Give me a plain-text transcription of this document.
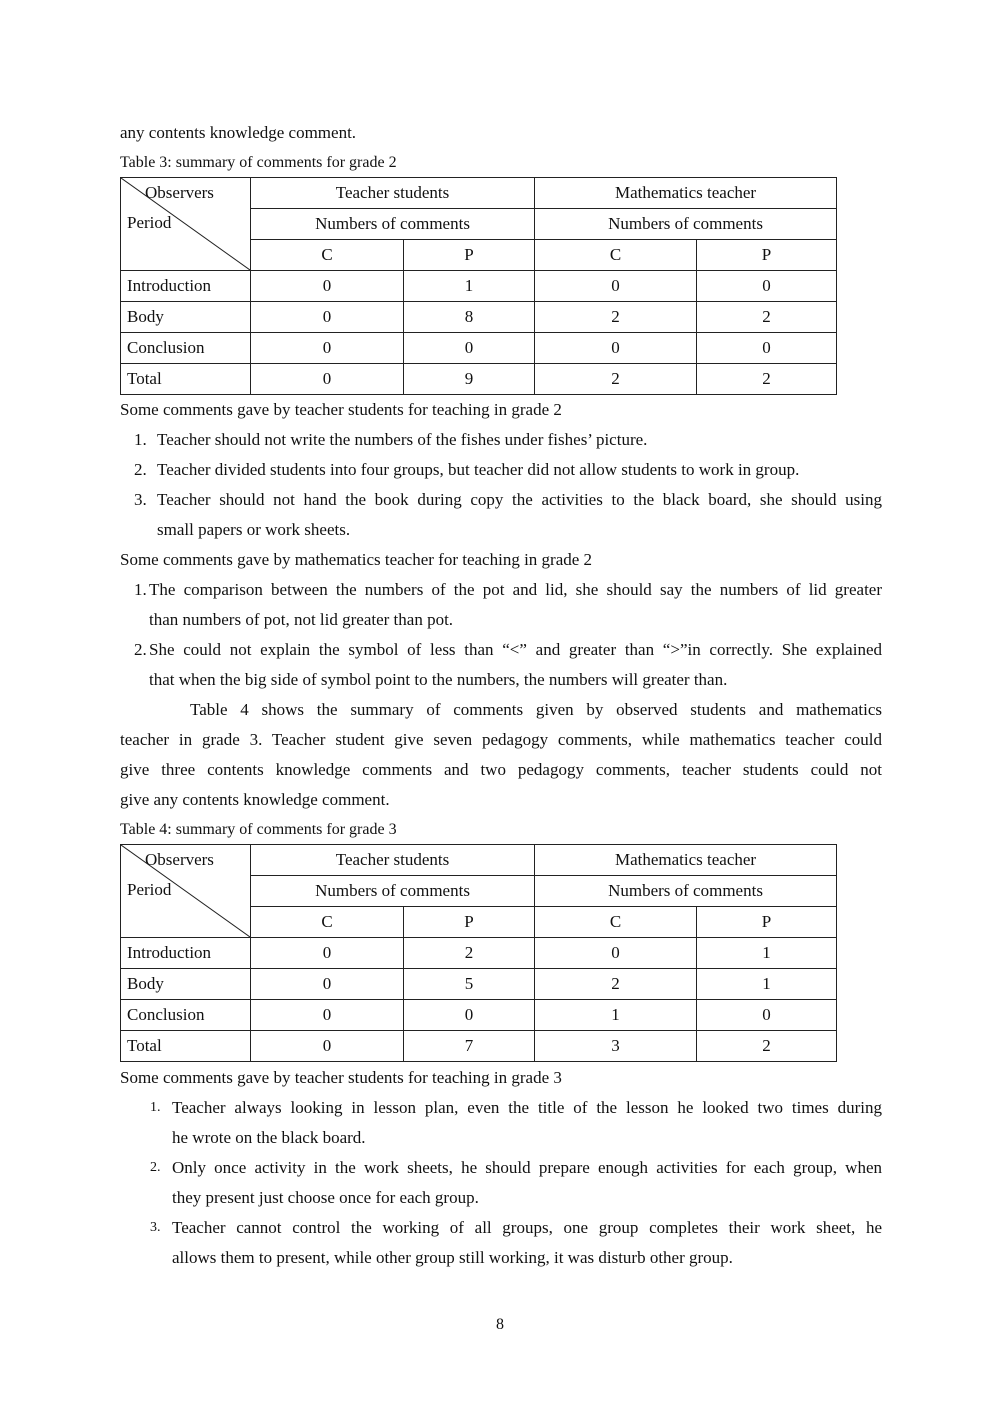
any contents knowledge comment.
Table 3: summary of comments for grade 2
Observers
Period	Teacher students		Mathematics teacher	
	Numbers of comments		Numbers of comments	
	C	P	C	P
Introduction	0	1	0	0
Body	0	8	2	2
Conclusion	0	0	0	0
Total	0	9	2	2
Some comments gave by teacher students for teaching in grade 2
1. Teacher should not write the numbers of the fishes under fishes’ picture.
2. Teacher divided students into four groups, but teacher did not allow students to work in group.
3. Teacher should not hand the book during copy the activities to the black board, she should using
small papers or work sheets.
Some comments gave by mathematics teacher for teaching in grade 2
1. The comparison between the numbers of the pot and lid, she should say the numbers of lid greater
than numbers of pot, not lid greater than pot.
2. She could not explain the symbol of less than “<” and greater than “>”in correctly. She explained
that when the big side of symbol point to the numbers, the numbers will greater than.
Table 4 shows the summary of comments given by observed students and mathematics
teacher in grade 3. Teacher student give seven pedagogy comments, while mathematics teacher could
give three contents knowledge comments and two pedagogy comments, teacher students could not
give any contents knowledge comment.
Table 4: summary of comments for grade 3
Observers
Period	Teacher students		Mathematics teacher	
	Numbers of comments		Numbers of comments	
	C	P	C	P
Introduction	0	2	0	1
Body	0	5	2	1
Conclusion	0	0	1	0
Total	0	7	3	2
Some comments gave by teacher students for teaching in grade 3
1. Teacher always looking in lesson plan, even the title of the lesson he looked two times during
he wrote on the black board.
2. Only once activity in the work sheets, he should prepare enough activities for each group, when
they present just choose once for each group.
3. Teacher cannot control the working of all groups, one group completes their work sheet, he
allows them to present, while other group still working, it was disturb other group.
8
